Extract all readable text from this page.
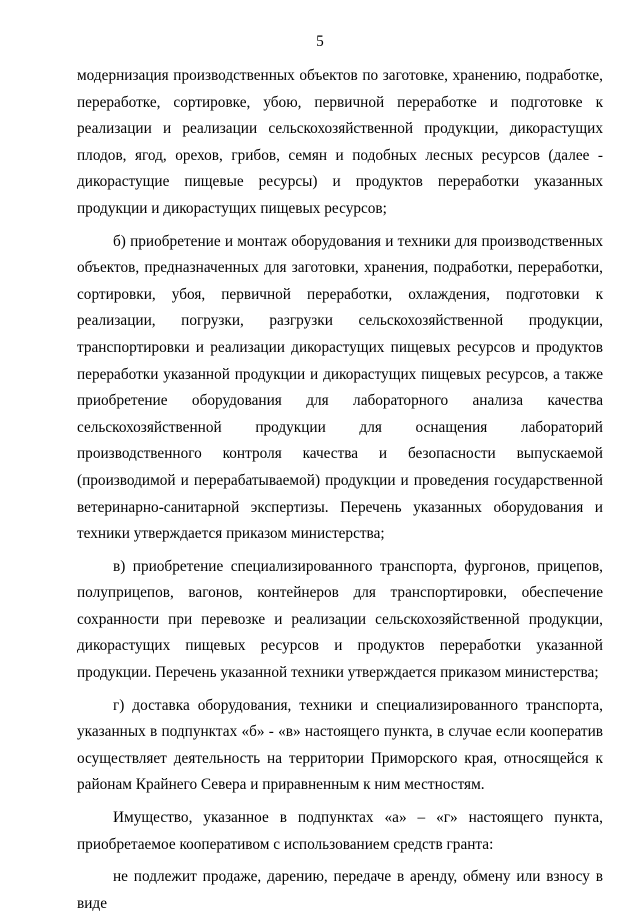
5

модернизация производственных объектов по заготовке, хранению, подработке, переработке, сортировке, убою, первичной переработке и подготовке к реализации и реализации сельскохозяйственной продукции, дикорастущих плодов, ягод, орехов, грибов, семян и подобных лесных ресурсов (далее - дикорастущие пищевые ресурсы) и продуктов переработки указанных продукции и дикорастущих пищевых ресурсов;

б) приобретение и монтаж оборудования и техники для производственных объектов, предназначенных для заготовки, хранения, подработки, переработки, сортировки, убоя, первичной переработки, охлаждения, подготовки к реализации, погрузки, разгрузки сельскохозяйственной продукции, транспортировки и реализации дикорастущих пищевых ресурсов и продуктов переработки указанной продукции и дикорастущих пищевых ресурсов, а также приобретение оборудования для лабораторного анализа качества сельскохозяйственной продукции для оснащения лабораторий производственного контроля качества и безопасности выпускаемой (производимой и перерабатываемой) продукции и проведения государственной ветеринарно-санитарной экспертизы. Перечень указанных оборудования и техники утверждается приказом министерства;

в) приобретение специализированного транспорта, фургонов, прицепов, полуприцепов, вагонов, контейнеров для транспортировки, обеспечение сохранности при перевозке и реализации сельскохозяйственной продукции, дикорастущих пищевых ресурсов и продуктов переработки указанной продукции. Перечень указанной техники утверждается приказом министерства;

г) доставка оборудования, техники и специализированного транспорта, указанных в подпунктах «б» - «в» настоящего пункта, в случае если кооператив осуществляет деятельность на территории Приморского края, относящейся к районам Крайнего Севера и приравненным к ним местностям.

Имущество, указанное в подпунктах «а» – «г» настоящего пункта, приобретаемое кооперативом с использованием средств гранта:

не подлежит продаже, дарению, передаче в аренду, обмену или взносу в виде
